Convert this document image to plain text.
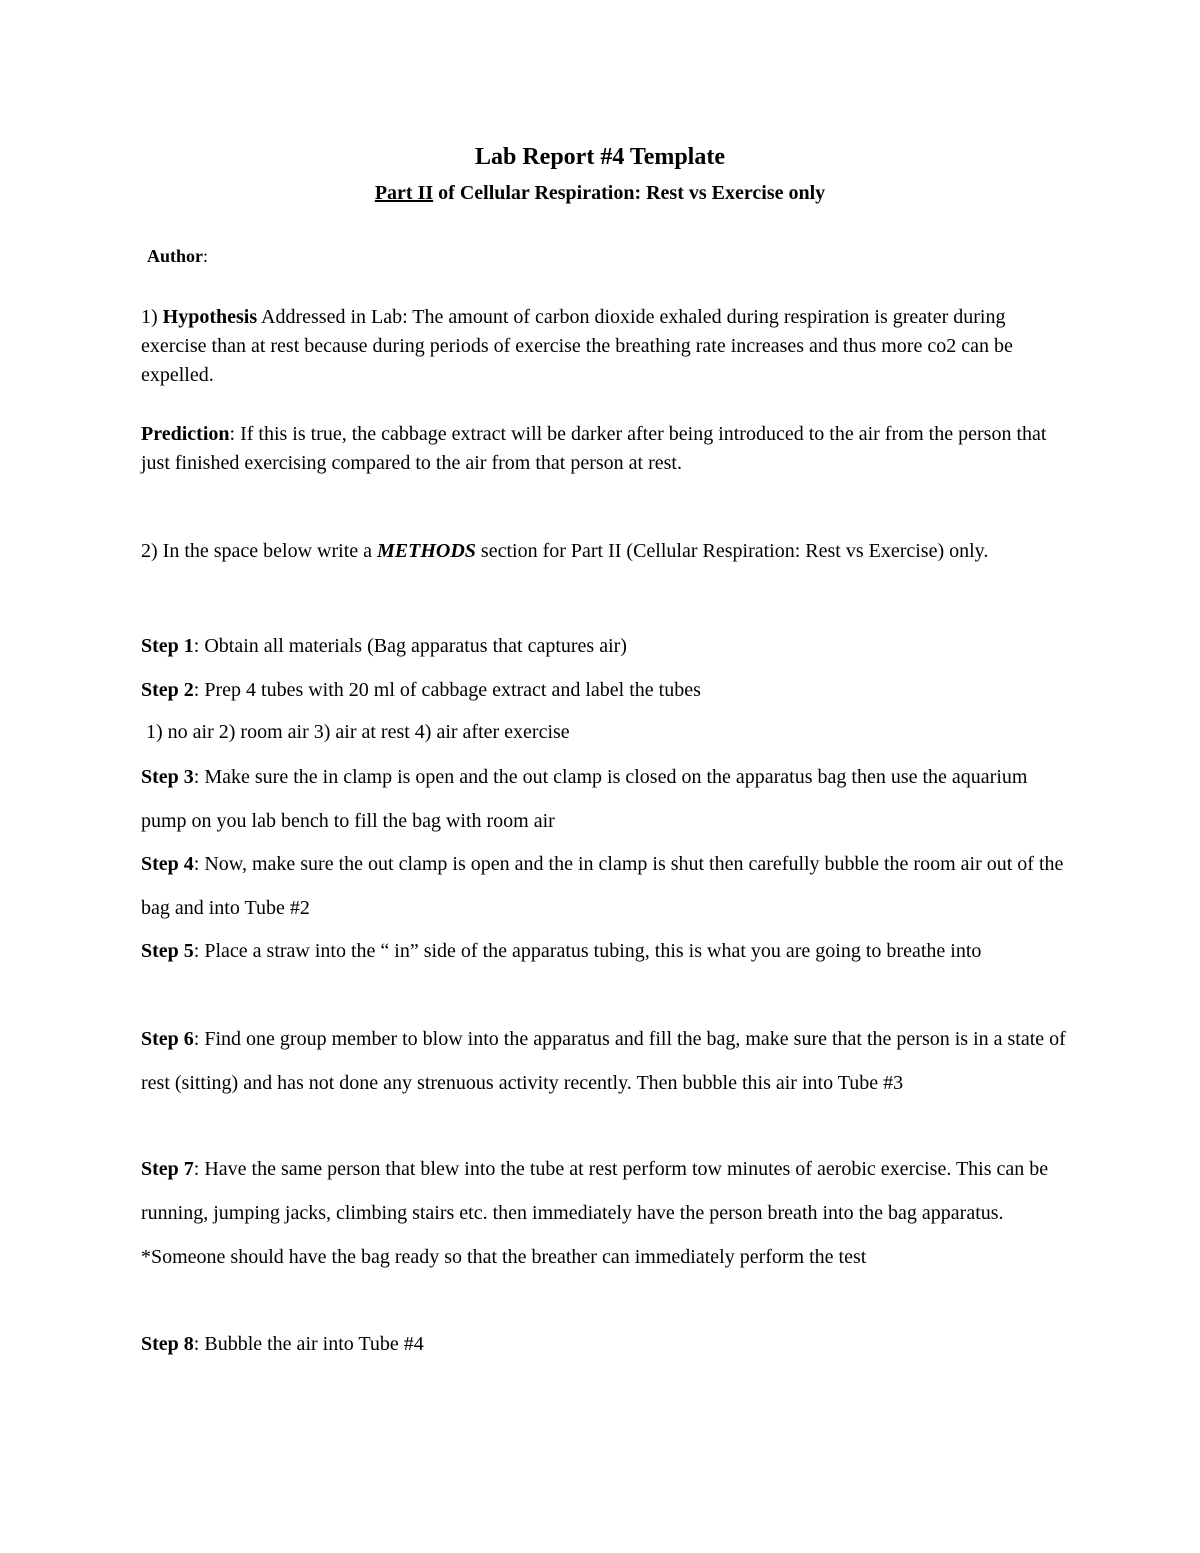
Lab Report #4 Template
Part II of Cellular Respiration: Rest vs Exercise only
Author:
1) Hypothesis Addressed in Lab: The amount of carbon dioxide exhaled during respiration is greater during exercise than at rest because during periods of exercise the breathing rate increases and thus more co2 can be expelled.
Prediction: If this is true, the cabbage extract will be darker after being introduced to the air from the person that just finished exercising compared to the air from that person at rest.
2) In the space below write a METHODS section for Part II (Cellular Respiration: Rest vs Exercise) only.
Step 1: Obtain all materials (Bag apparatus that captures air)
Step 2: Prep 4 tubes with 20 ml of cabbage extract and label the tubes
1) no air 2) room air 3) air at rest 4) air after exercise
Step 3: Make sure the in clamp is open and the out clamp is closed on the apparatus bag then use the aquarium pump on you lab bench to fill the bag with room air
Step 4: Now, make sure the out clamp is open and the in clamp is shut then carefully bubble the room air out of the bag and into Tube #2
Step 5: Place a straw into the “ in” side of the apparatus tubing, this is what you are going to breathe into
Step 6: Find one group member to blow into the apparatus and fill the bag, make sure that the person is in a state of rest (sitting) and has not done any strenuous activity recently. Then bubble this air into Tube #3
Step 7: Have the same person that blew into the tube at rest perform tow minutes of aerobic exercise. This can be running, jumping jacks, climbing stairs etc. then immediately have the person breath into the bag apparatus. *Someone should have the bag ready so that the breather can immediately perform the test
Step 8: Bubble the air into Tube #4
